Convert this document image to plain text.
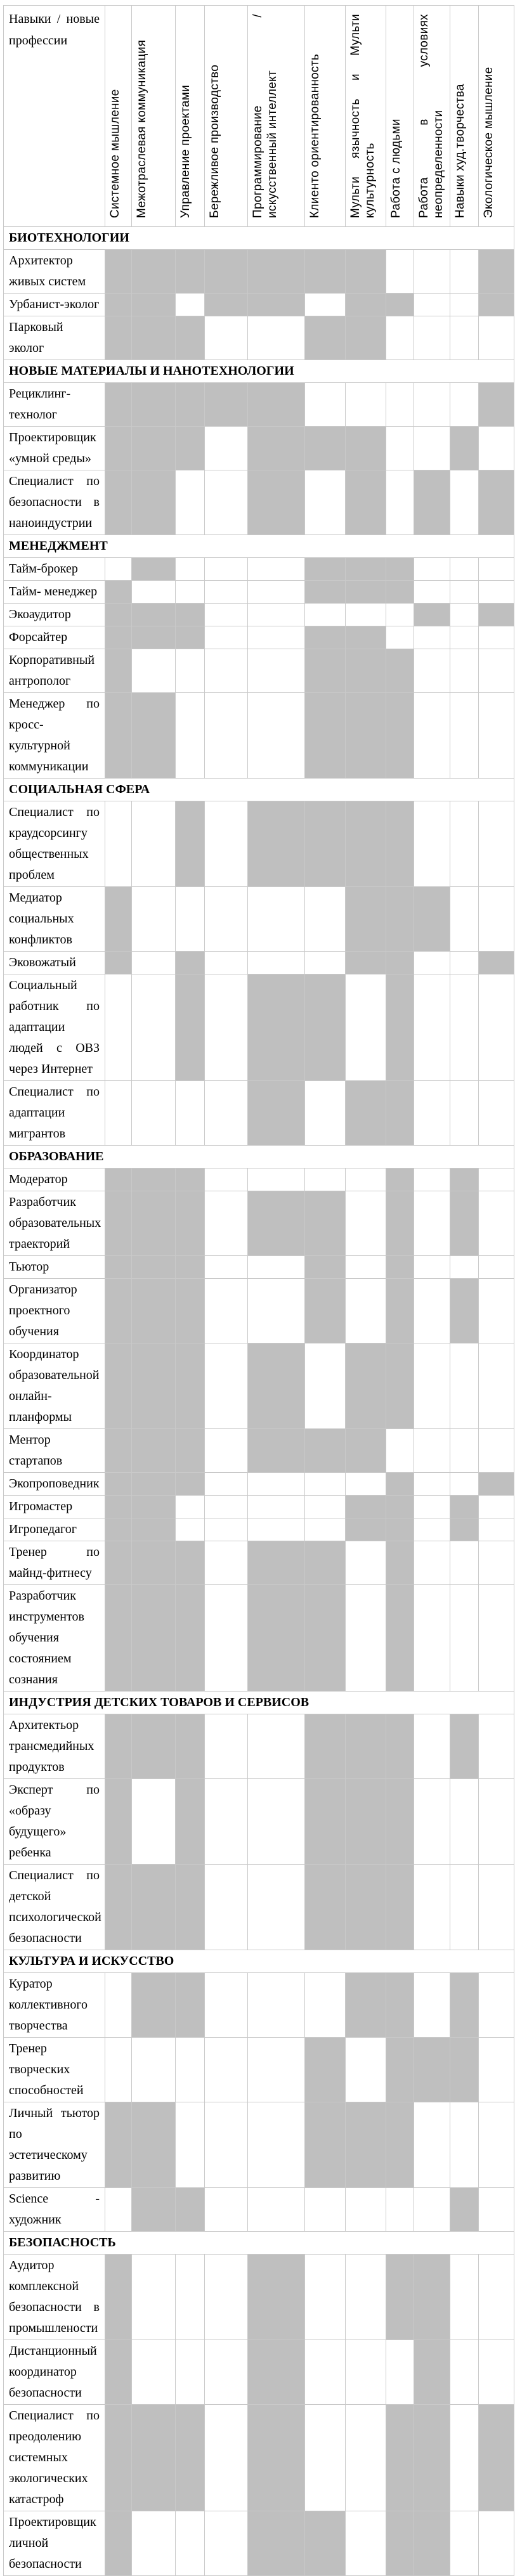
Навыки / новые профессии	Системное мышление	Межотраслевая коммуникация	Управление проектами	Бережливое производство	Программирование /искусственный интеллект	Клиенто ориентированность	Мульти язычность и Мульти культурность	Работа с людьми	Работа в условиях неопределенности	Навыки худ.творчества	Экологическое мышление
БИОТЕХНОЛОГИИ											
Архитектор живых систем											
Урбанист-эколог											
Парковый эколог											
НОВЫЕ МАТЕРИАЛЫ И НАНОТЕХНОЛОГИИ											
Рециклинг-технолог											
Проектировщик «умной среды»											
Специалист по безопасности в наноиндустрии											
МЕНЕДЖМЕНТ											
Тайм-брокер											
Тайм- менеджер											
Экоаудитор											
Форсайтер											
Корпоративный антрополог											
Менеджер по кросс-культурной коммуникации											
СОЦИАЛЬНАЯ СФЕРА											
Специалист по краудсорсингу общественных проблем											
Медиатор социальных конфликтов											
Эковожатый											
Социальный работник по адаптации людей с ОВЗ через Интернет											
Специалист по адаптации мигрантов											
ОБРАЗОВАНИЕ											
Модератор											
Разработчик образовательных траекторий											
Тьютор											
Организатор проектного обучения											
Координатор образовательной онлайн-планформы											
Ментор стартапов											
Экопроповедник											
Игромастер											
Игропедагог											
Тренер по майнд-фитнесу											
Разработчик инструментов обучения состоянием сознания											
ИНДУСТРИЯ ДЕТСКИХ ТОВАРОВ И СЕРВИСОВ											
Архитектьор трансмедийных продуктов											
Эксперт по «образу будущего» ребенка											
Специалист по детской психологической безопасности											
КУЛЬТУРА И ИСКУССТВО											
Куратор коллективного творчества											
Тренер творческих способностей											
Личный тьютор по эстетическому развитию											
Science - художник											
БЕЗОПАСНОСТЬ											
Аудитор комплексной безопасности в промышлености											
Дистанционный координатор безопасности											
Специалист по преодолению системных экологических катастроф											
Проектировщик личной безопасности											
